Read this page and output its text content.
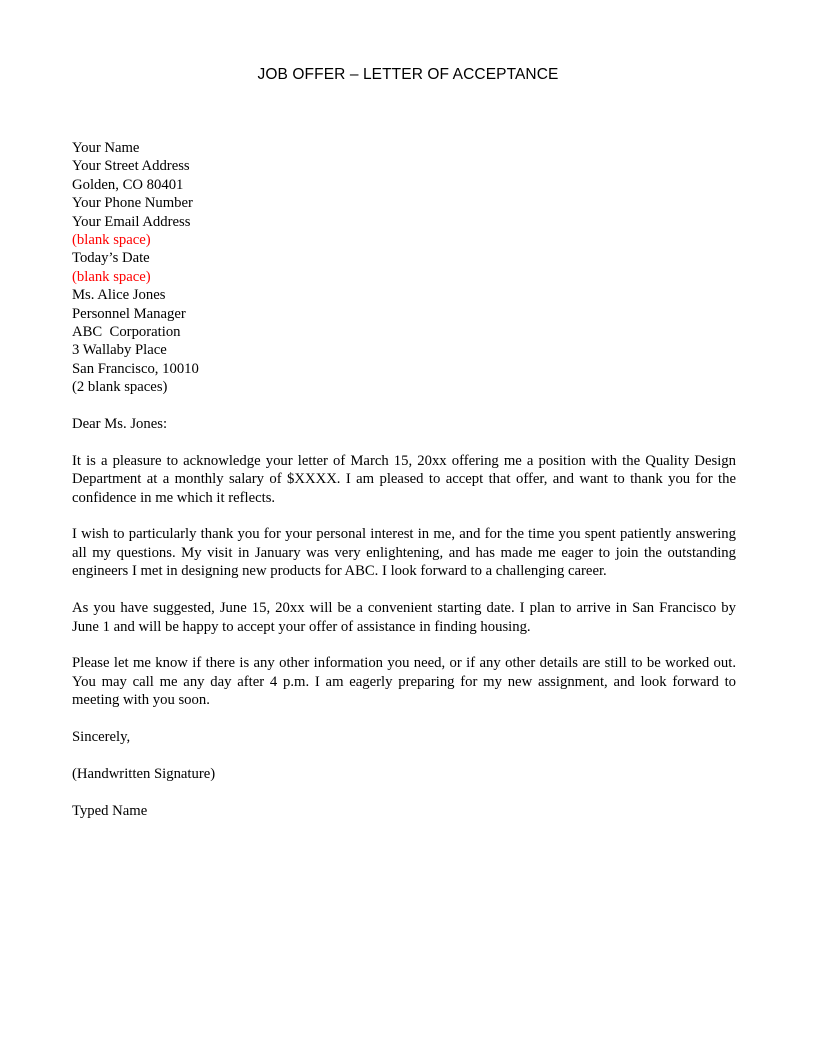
JOB OFFER – LETTER OF ACCEPTANCE
Your Name
Your Street Address
Golden, CO 80401
Your Phone Number
Your Email Address
(blank space)
Today’s Date
(blank space)
Ms. Alice Jones
Personnel Manager
ABC  Corporation
3 Wallaby Place
San Francisco, 10010
(2 blank spaces)
Dear Ms. Jones:

It is a pleasure to acknowledge your letter of March 15, 20xx offering me a position with the Quality Design Department at a monthly salary of $XXXX. I am pleased to accept that offer, and want to thank you for the confidence in me which it reflects.

I wish to particularly thank you for your personal interest in me, and for the time you spent patiently answering all my questions. My visit in January was very enlightening, and has made me eager to join the outstanding engineers I met in designing new products for ABC. I look forward to a challenging career.

As you have suggested, June 15, 20xx will be a convenient starting date. I plan to arrive in San Francisco by June 1 and will be happy to accept your offer of assistance in finding housing.

Please let me know if there is any other information you need, or if any other details are still to be worked out. You may call me any day after 4 p.m. I am eagerly preparing for my new assignment, and look forward to meeting with you soon.

Sincerely,
(Handwritten Signature)
Typed Name
